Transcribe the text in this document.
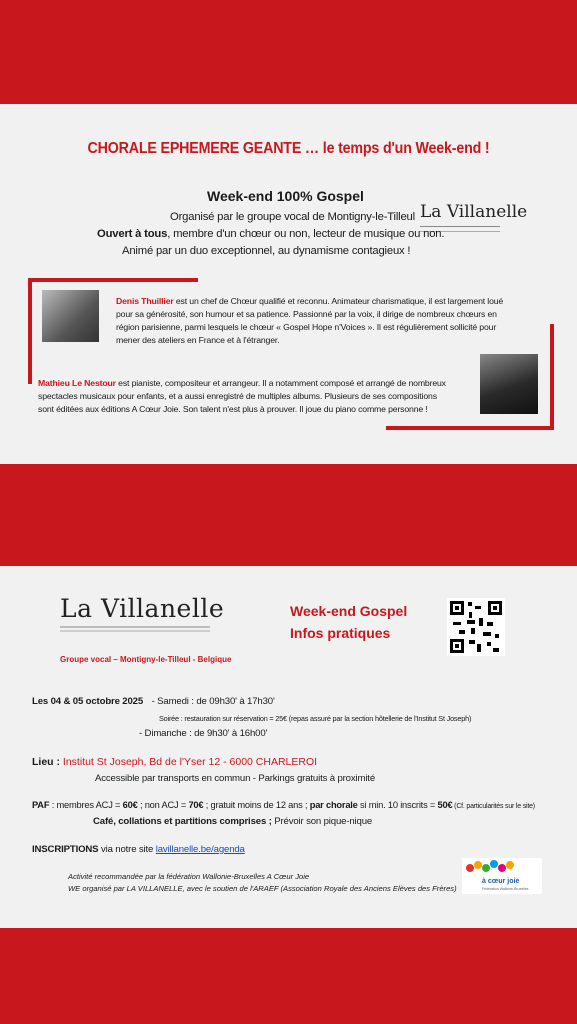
CHORALE EPHEMERE GEANTE … le temps d'un Week-end !
Week-end 100% Gospel
Organisé par le groupe vocal de Montigny-le-Tilleul La Villanelle
Ouvert à tous, membre d'un chœur ou non, lecteur de musique ou non.
Animé par un duo exceptionnel, au dynamisme contagieux !
Denis Thuillier est un chef de Chœur qualifié et reconnu. Animateur charismatique, il est largement loué
pour sa générosité, son humour et sa patience. Passionné par la voix, il dirige de nombreux chœurs en
région parisienne, parmi lesquels le chœur « Gospel Hope n'Voices ». Il est régulièrement sollicité pour
mener des ateliers en France et à l'étranger.
Mathieu Le Nestour est pianiste, compositeur et arrangeur. Il a notamment composé et arrangé de nombreux
spectacles musicaux pour enfants, et a aussi enregistré de multiples albums. Plusieurs de ses compositions
sont éditées aux éditions A Cœur Joie. Son talent n'est plus à prouver. Il joue du piano comme personne !
La Villanelle
Groupe vocal – Montigny-le-Tilleul - Belgique
Week-end Gospel
Infos pratiques
Les 04 & 05 octobre 2025 - Samedi : de 09h30' à 17h30'
Soirée : restauration sur réservation = 25€ (repas assuré par la section hôtellerie de l'Institut St Joseph)
- Dimanche : de 9h30' à 16h00'
Lieu : Institut St Joseph, Bd de l'Yser 12 - 6000 CHARLEROI
Accessible par transports en commun - Parkings gratuits à proximité
PAF : membres ACJ = 60€ ; non ACJ = 70€ ; gratuit moins de 12 ans ; par chorale si min. 10 inscrits = 50€ (Cf. particularités sur le site)
Café, collations et partitions comprises ; Prévoir son pique-nique
INSCRIPTIONS via notre site lavillanelle.be/agenda
Activité recommandée par la fédération Wallonie-Bruxelles A Cœur Joie
WE organisé par LA VILLANELLE, avec le soutien de l'ARAEF (Association Royale des Anciens Elèves des Frères)
à cœur joie
Fédération Wallonie-Bruxelles
